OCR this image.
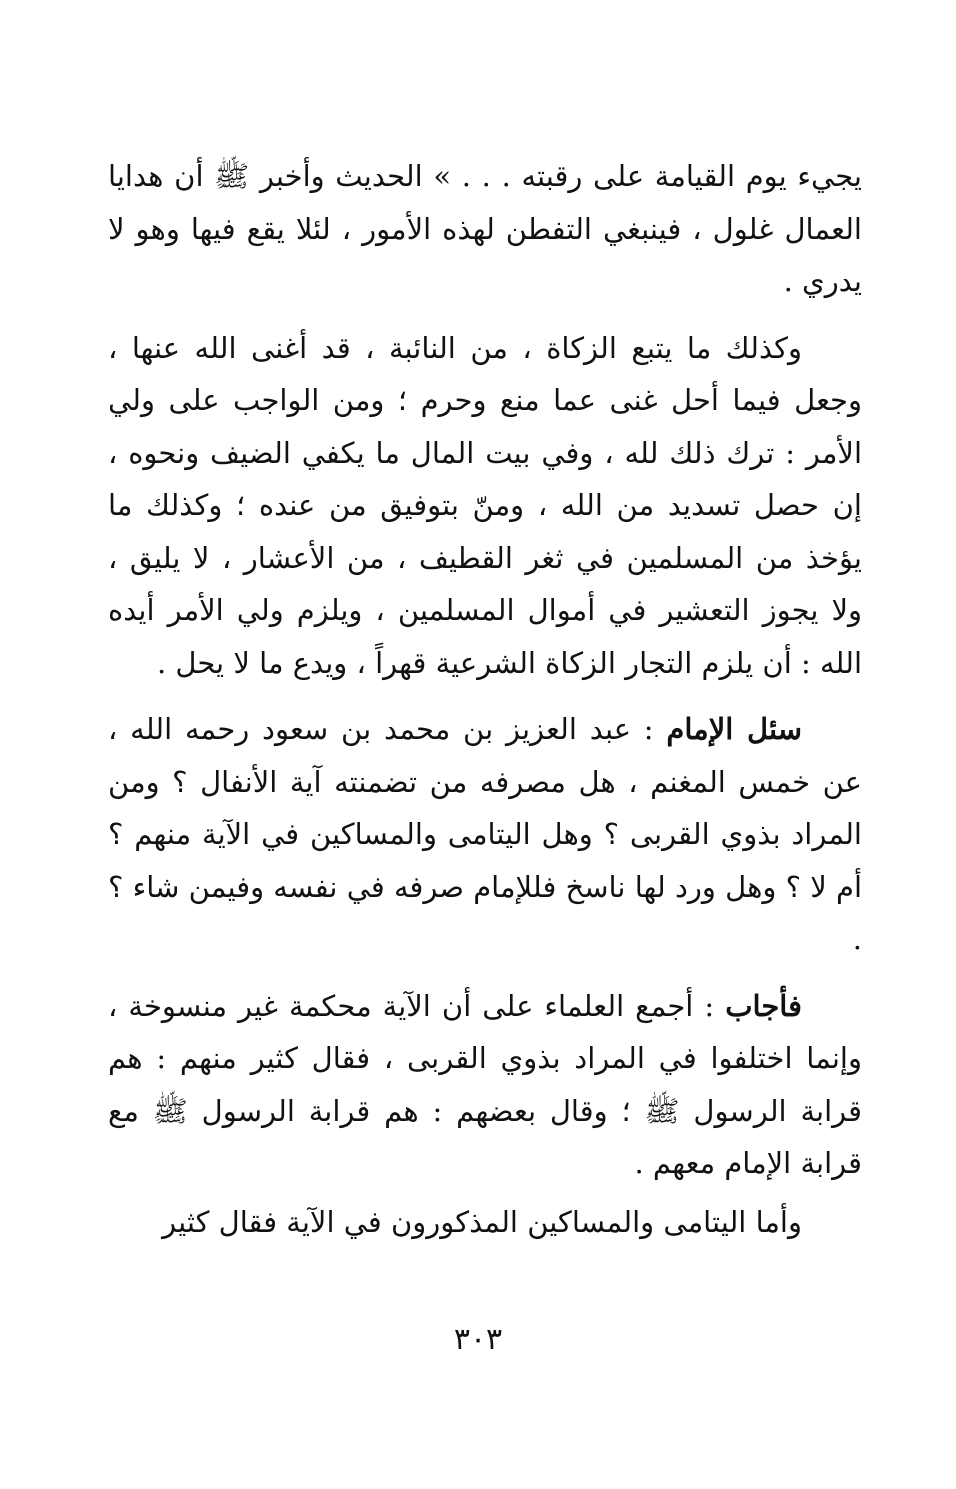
يجيء يوم القيامة على رقبته . . . » الحديث وأخبر ﷺ أن هدايا العمال غلول ، فينبغي التفطن لهذه الأمور ، لئلا يقع فيها وهو لا يدري .

وكذلك ما يتبع الزكاة ، من النائبة ، قد أغنى الله عنها ، وجعل فيما أحل غنى عما منع وحرم ؛ ومن الواجب على ولي الأمر : ترك ذلك لله ، وفي بيت المال ما يكفي الضيف ونحوه ، إن حصل تسديد من الله ، ومنّ بتوفيق من عنده ؛ وكذلك ما يؤخذ من المسلمين في ثغر القطيف ، من الأعشار ، لا يليق ، ولا يجوز التعشير في أموال المسلمين ، ويلزم ولي الأمر أيده الله : أن يلزم التجار الزكاة الشرعية قهراً ، ويدع ما لا يحل .

سئل الإمام : عبد العزيز بن محمد بن سعود رحمه الله ، عن خمس المغنم ، هل مصرفه من تضمنته آية الأنفال ؟ ومن المراد بذوي القربى ؟ وهل اليتامى والمساكين في الآية منهم ؟ أم لا ؟ وهل ورد لها ناسخ فللإمام صرفه في نفسه وفيمن شاء ؟ .

فأجاب : أجمع العلماء على أن الآية محكمة غير منسوخة ، وإنما اختلفوا في المراد بذوي القربى ، فقال كثير منهم : هم قرابة الرسول ﷺ ؛ وقال بعضهم : هم قرابة الرسول ﷺ مع قرابة الإمام معهم .

وأما اليتامى والمساكين المذكورون في الآية فقال كثير

٣٠٣
